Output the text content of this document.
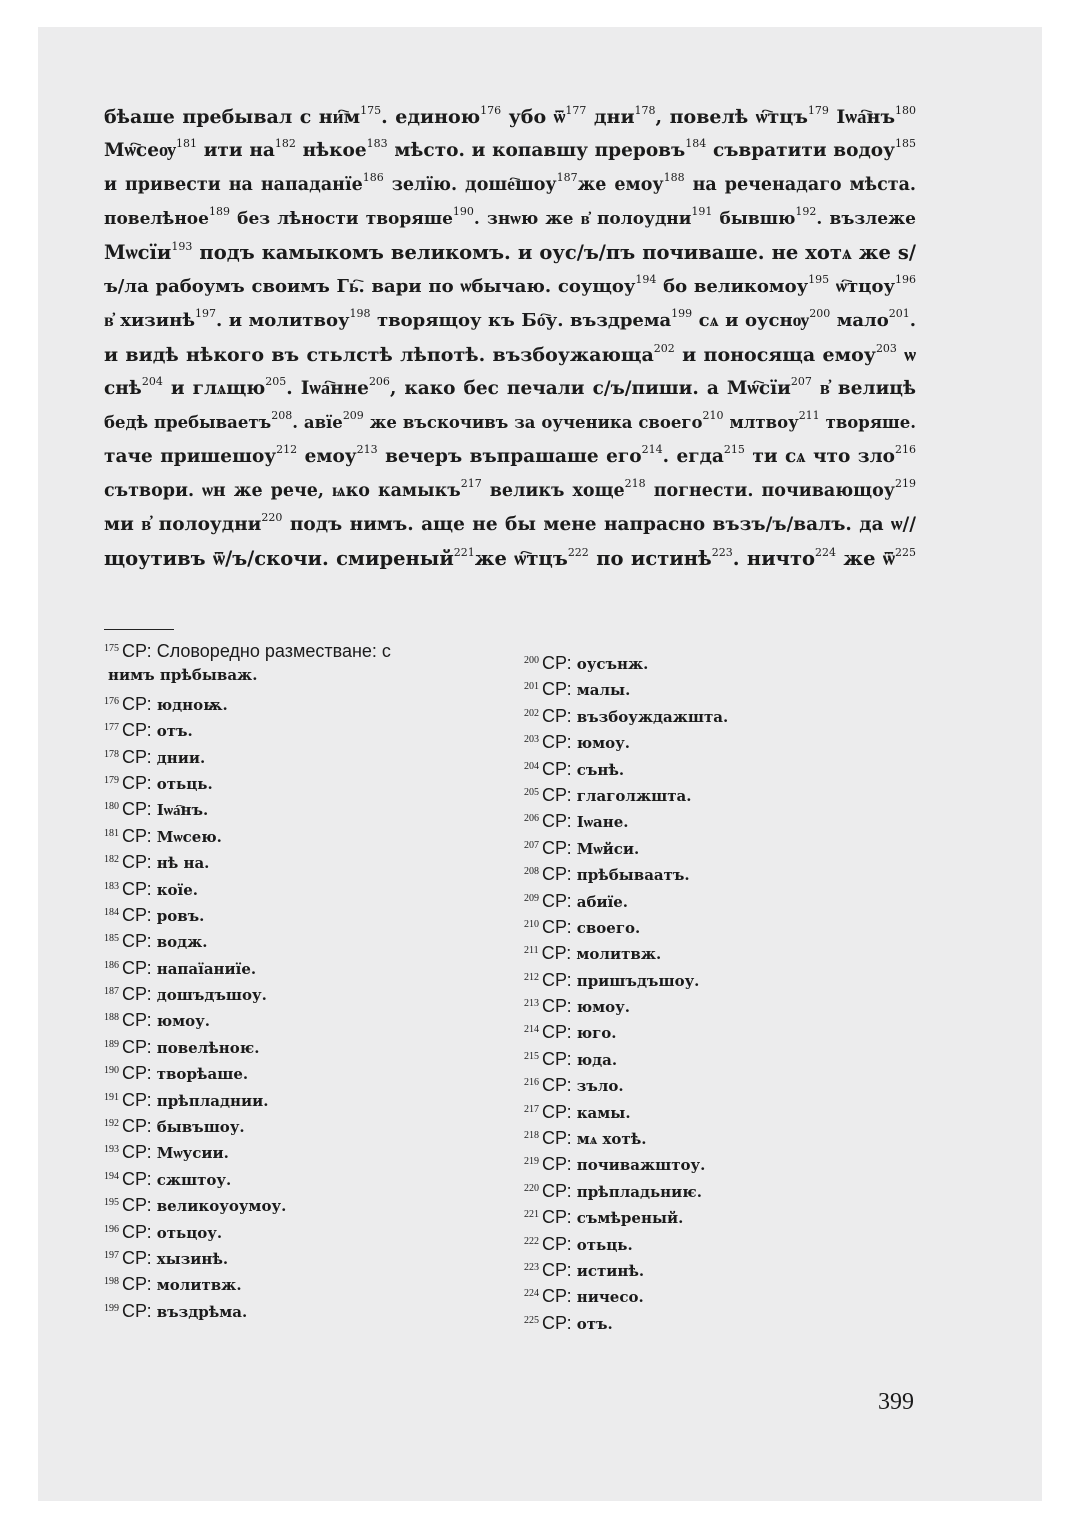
бѣаше пребывал с $ни҇м^{175}$. единою$^{176}$ убо $ѿ^{177}$ дни$^{178}$, повелѣ ѡ҇тцъ$^{179}$ $Iѡа҇нъ^{180}$
Мѡ҇сеѹ$^{181}$ ити $на^{182}$ нѣкое$^{183}$ мѣсто. и копавшу преровъ$^{184}$ съвратити водоу$^{185}$
и привести на нападанїе$^{186}$ зелїю. доше҇шоу$^{187}$же емоу$^{188}$ на реченадаго мѣста.
повелѣное$^{189}$ без лѣности творяше$^{190}$. знѡю же в҆ полоудни$^{191}$ бывшю$^{192}$. възлеже
Мѡсїи$^{193}$ подъ камыкомъ великомъ. и оус/ъ/пъ почиваше. не хотѧ же ѕ/
ъ/ла рабоумъ своимъ Гь҇. вари по ѡбычаю. соущоу$^{194}$ бо великомоу$^{195}$ ѡ҇тцоу$^{196}$
в҆ хизинѣ$^{197}$. и молитвоу$^{198}$ творящоу къ Бо҇у. въздрема$^{199}$ сѧ и оуснѹ$^{200}$ мало$^{201}$.
и видѣ нѣкого въ стьлстѣ лѣпотѣ. възбоужающа$^{202}$ и поносяща емоу$^{203}$ ѡ
снѣ$^{204}$ и глѧщю$^{205}$. Ιѡа҇нне$^{206}$, како бес печали с/ъ/пиши. а Мѡ҇сїи$^{207}$ в҆ велицѣ
бедѣ пребываетъ$^{208}$. авїе$^{209}$ же въскочивъ за оученика своего$^{210}$ млтвоу$^{211}$ творяше.
таче пришешоу$^{212}$ емоу$^{213}$ вечеръ въпрашаше его$^{214}$. егда$^{215}$ ти сѧ что зло$^{216}$
сътвори. ѡн же рече, ѩко камыкъ$^{217}$ великъ хоще$^{218}$ погнести. почивающоу$^{219}$
ми в҆ полоудни$^{220}$ подъ нимъ. аще не бы мене напрасно възъ/ъ/валъ. да ѡ//
щоутивъ ѿ/ъ/скочи. смиреный$^{221}$же ѡ҇тцъ$^{222}$ по истинѣ$^{223}$. ничто$^{224}$ же $ѿ^{225}$
$^{175}$ СР: Словоредно разместване: с
нимъ прѣбываж.
$^{176}$ СР: юдноѭ.
$^{177}$ СР: отъ.
$^{178}$ СР: днии.
$^{179}$ СР: отьць.
$^{180}$ СР: Іѡа҇нъ.
$^{181}$ СР: Мѡсею.
$^{182}$ СР: нѣ на.
$^{183}$ СР: коїе.
$^{184}$ СР: ровъ.
$^{185}$ СР: водж.
$^{186}$ СР: напаїаниїе.
$^{187}$ СР: дошъдъшоу.
$^{188}$ СР: юмоу.
$^{189}$ СР: повелѣноѥ.
$^{190}$ СР: творѣаше.
$^{191}$ СР: прѣпладнии.
$^{192}$ СР: бывъшоу.
$^{193}$ СР: Мѡусии.
$^{194}$ СР: сжштоу.
$^{195}$ СР: великоуоумоу.
$^{196}$ СР: отьцоу.
$^{197}$ СР: хызинѣ.
$^{198}$ СР: молитвж.
$^{199}$ СР: въздрѣма.
$^{200}$ СР: оусънж.
$^{201}$ СР: малы.
$^{202}$ СР: възбоуждажшта.
$^{203}$ СР: юмоу.
$^{204}$ СР: сънѣ.
$^{205}$ СР: глаголжшта.
$^{206}$ СР: Іѡане.
$^{207}$ СР: Мѡйси.
$^{208}$ СР: прѣбываатъ.
$^{209}$ СР: абиїе.
$^{210}$ СР: своего.
$^{211}$ СР: молитвж.
$^{212}$ СР: пришъдъшоу.
$^{213}$ СР: юмоу.
$^{214}$ СР: юго.
$^{215}$ СР: юда.
$^{216}$ СР: зъло.
$^{217}$ СР: камы.
$^{218}$ СР: мѧ хотѣ.
$^{219}$ СР: почиважштоу.
$^{220}$ СР: прѣпладьниѥ.
$^{221}$ СР: съмѣреный.
$^{222}$ СР: отьць.
$^{223}$ СР: истинѣ.
$^{224}$ СР: ничесо.
$^{225}$ СР: отъ.
399
